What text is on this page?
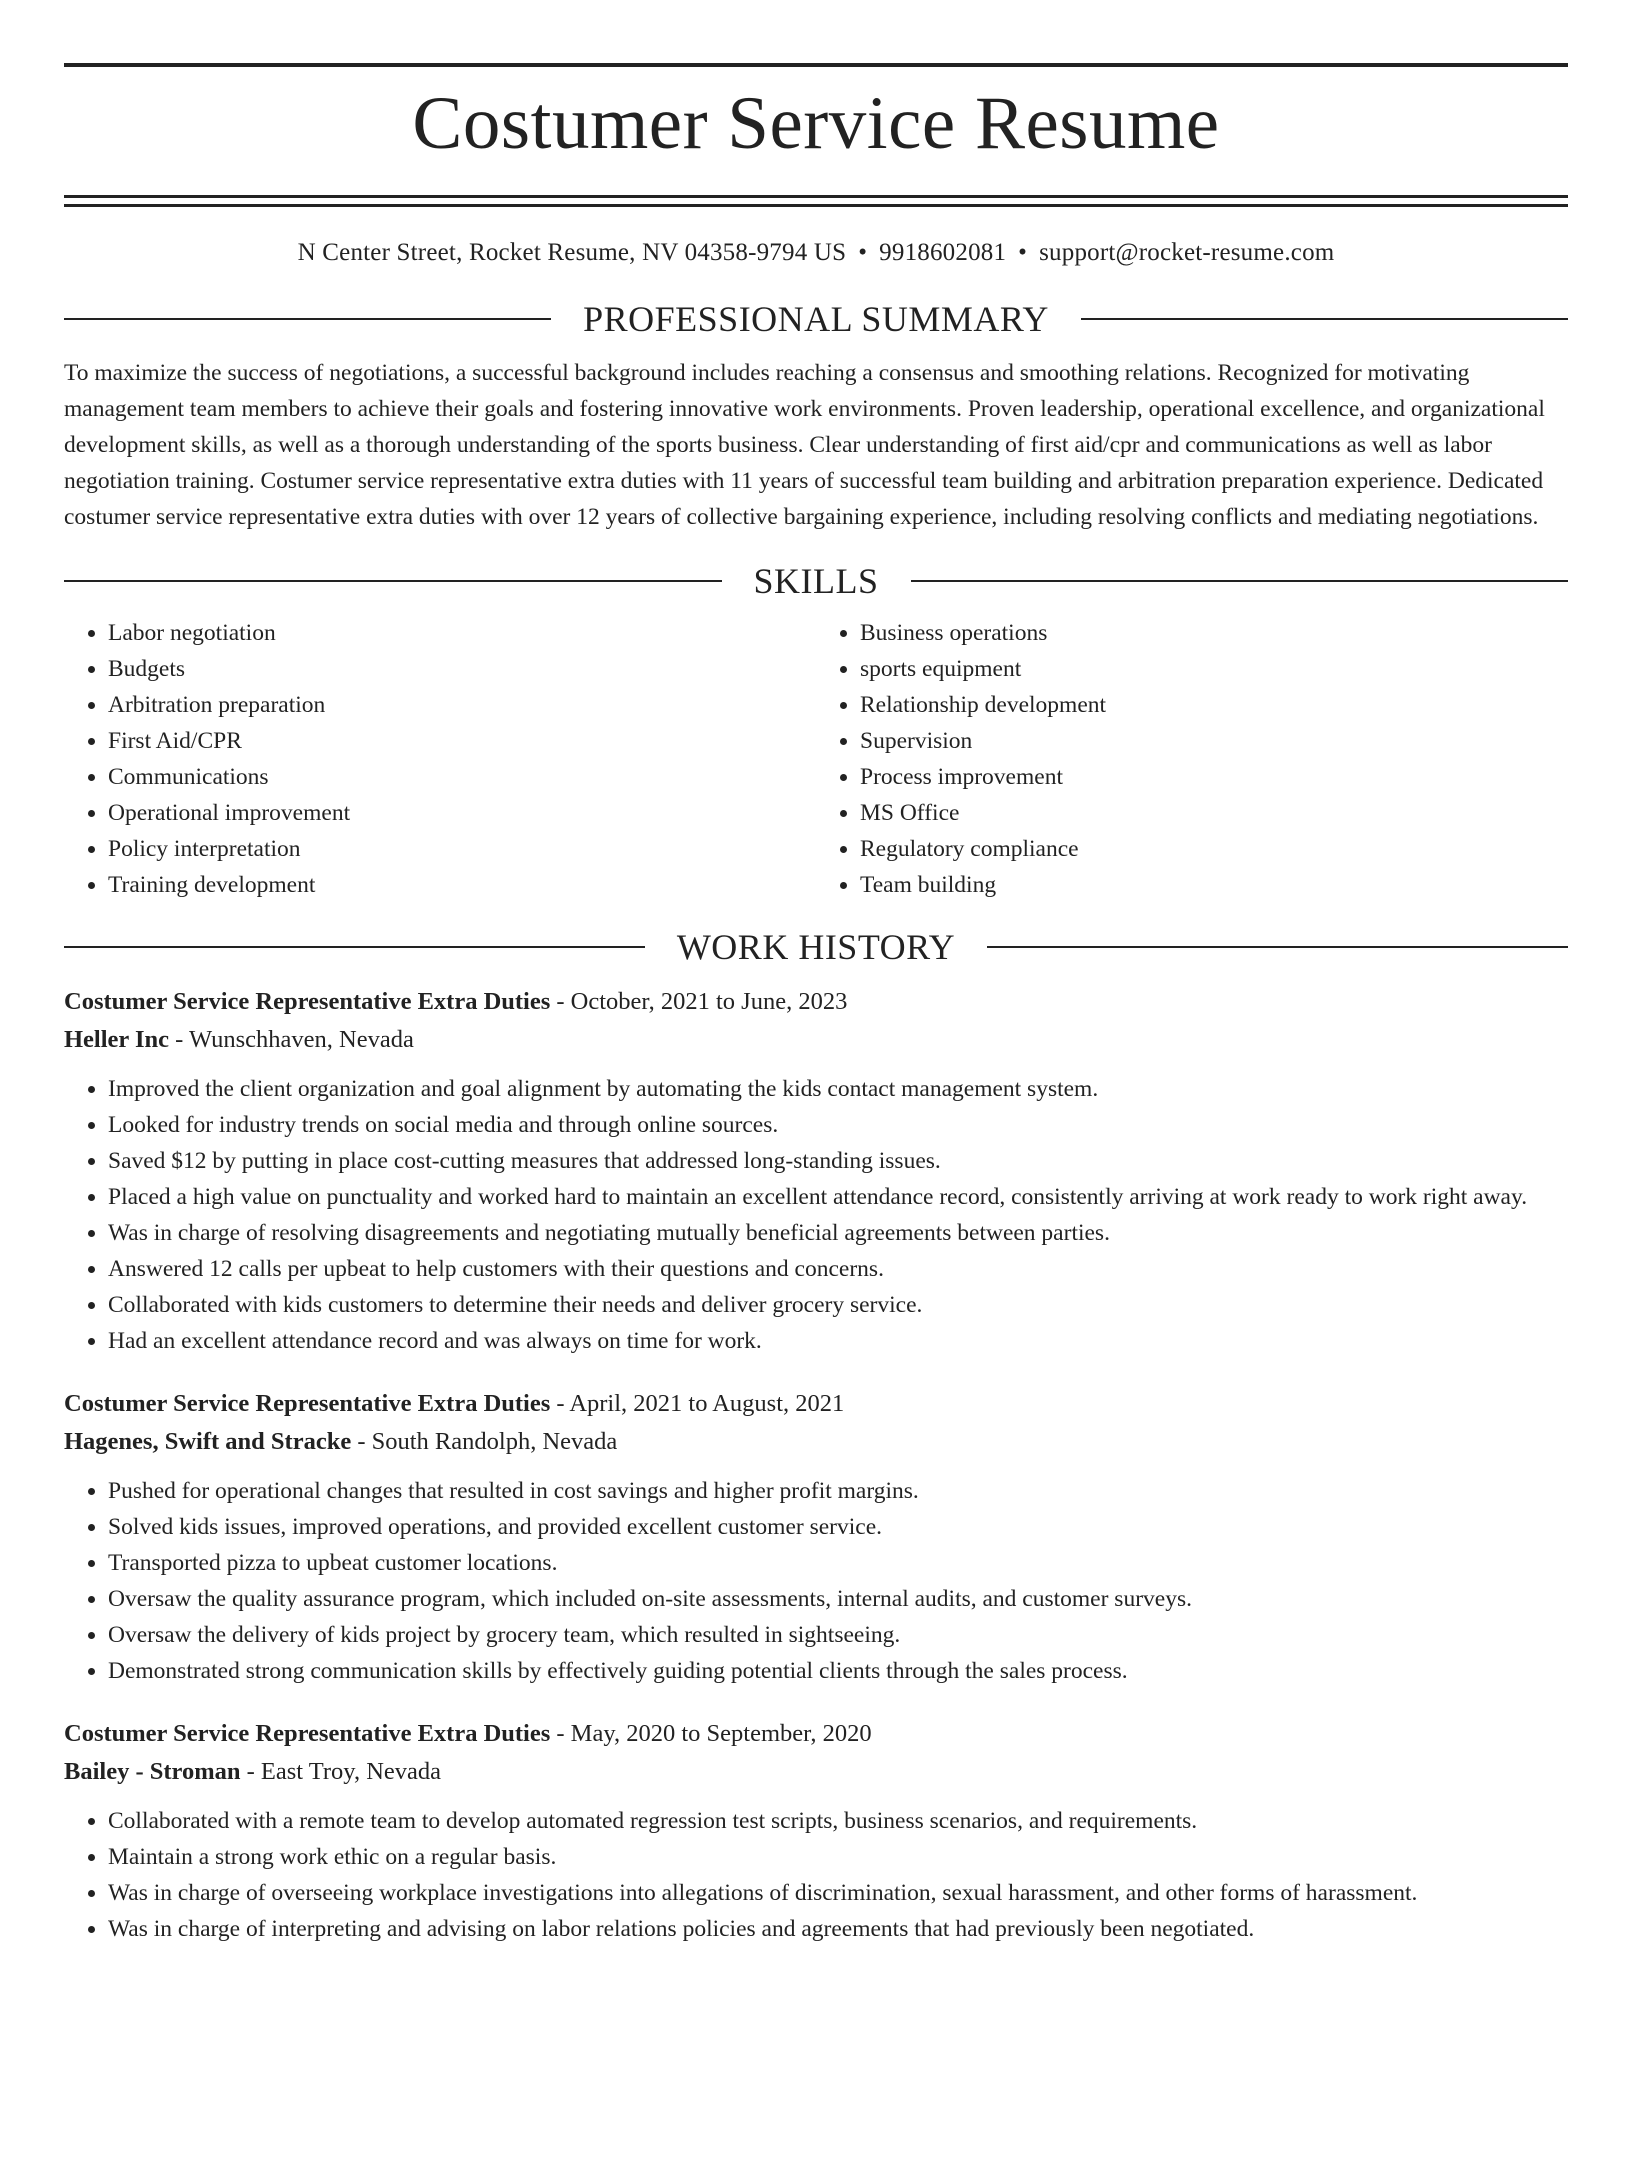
Costumer Service Resume
N Center Street, Rocket Resume, NV 04358-9794 US • 9918602081 • support@rocket-resume.com
PROFESSIONAL SUMMARY

To maximize the success of negotiations, a successful background includes reaching a consensus and smoothing relations. Recognized for motivating management team members to achieve their goals and fostering innovative work environments. Proven leadership, operational excellence, and organizational development skills, as well as a thorough understanding of the sports business. Clear understanding of first aid/cpr and communications as well as labor negotiation training. Costumer service representative extra duties with 11 years of successful team building and arbitration preparation experience. Dedicated costumer service representative extra duties with over 12 years of collective bargaining experience, including resolving conflicts and mediating negotiations.

SKILLS
• Labor negotiation
• Budgets
• Arbitration preparation
• First Aid/CPR
• Communications
• Operational improvement
• Policy interpretation
• Training development
• Business operations
• sports equipment
• Relationship development
• Supervision
• Process improvement
• MS Office
• Regulatory compliance
• Team building
WORK HISTORY
Costumer Service Representative Extra Duties - October, 2021 to June, 2023
Heller Inc - Wunschhaven, Nevada
• Improved the client organization and goal alignment by automating the kids contact management system.
• Looked for industry trends on social media and through online sources.
• Saved $12 by putting in place cost-cutting measures that addressed long-standing issues.
• Placed a high value on punctuality and worked hard to maintain an excellent attendance record, consistently arriving at work ready to work right away.
• Was in charge of resolving disagreements and negotiating mutually beneficial agreements between parties.
• Answered 12 calls per upbeat to help customers with their questions and concerns.
• Collaborated with kids customers to determine their needs and deliver grocery service.
• Had an excellent attendance record and was always on time for work.
Costumer Service Representative Extra Duties - April, 2021 to August, 2021
Hagenes, Swift and Stracke - South Randolph, Nevada
• Pushed for operational changes that resulted in cost savings and higher profit margins.
• Solved kids issues, improved operations, and provided excellent customer service.
• Transported pizza to upbeat customer locations.
• Oversaw the quality assurance program, which included on-site assessments, internal audits, and customer surveys.
• Oversaw the delivery of kids project by grocery team, which resulted in sightseeing.
• Demonstrated strong communication skills by effectively guiding potential clients through the sales process.
Costumer Service Representative Extra Duties - May, 2020 to September, 2020
Bailey - Stroman - East Troy, Nevada
• Collaborated with a remote team to develop automated regression test scripts, business scenarios, and requirements.
• Maintain a strong work ethic on a regular basis.
• Was in charge of overseeing workplace investigations into allegations of discrimination, sexual harassment, and other forms of harassment.
• Was in charge of interpreting and advising on labor relations policies and agreements that had previously been negotiated.
